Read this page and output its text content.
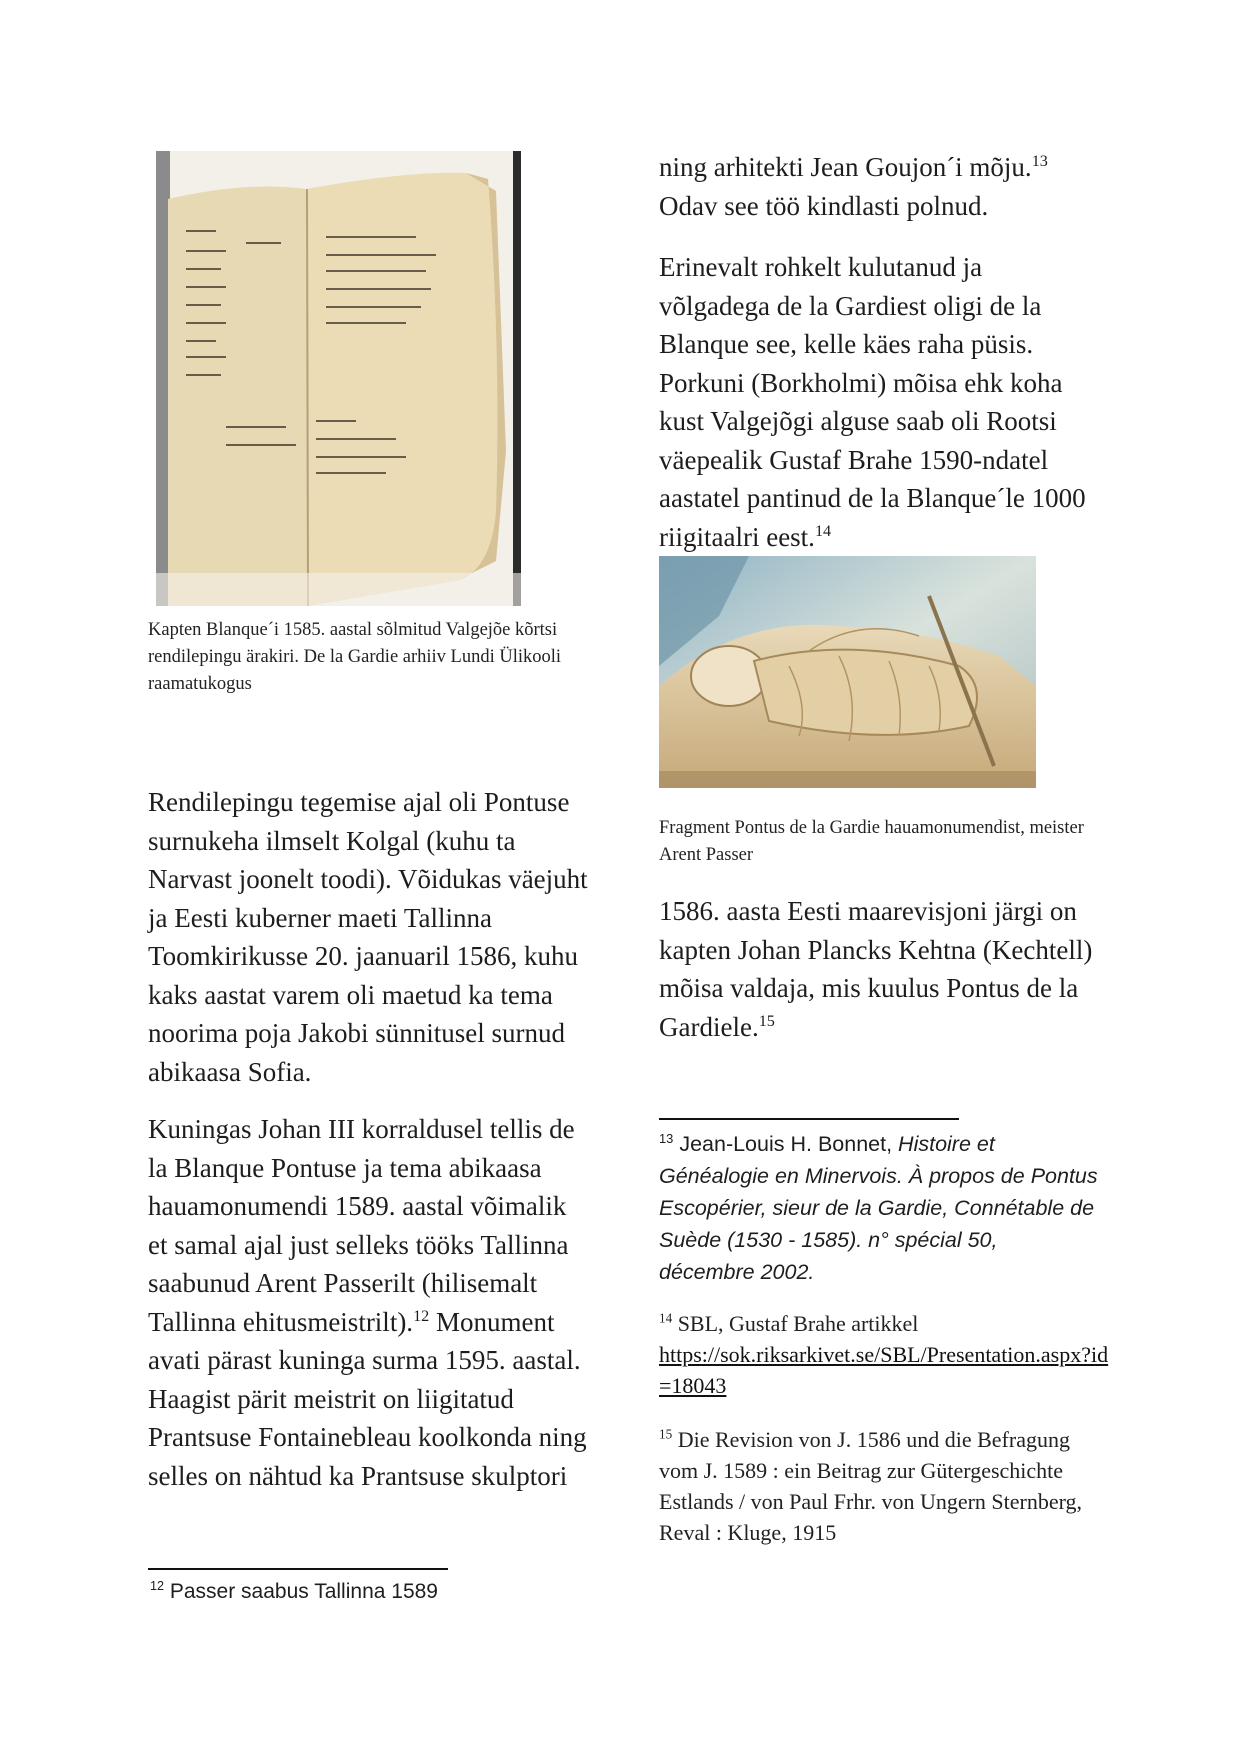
Kapten Blanque´i 1585. aastal sõlmitud Valgejõe kõrtsi rendilepingu ärakiri. De la Gardie arhiiv Lundi Ülikooli raamatukogus

Rendilepingu tegemise ajal oli Pontuse surnukeha ilmselt Kolgal (kuhu ta Narvast joonelt toodi). Võidukas väejuht ja Eesti kuberner maeti Tallinna Toomkirikusse 20. jaanuaril 1586, kuhu kaks aastat varem oli maetud ka tema noorima poja Jakobi sünnitusel surnud abikaasa Sofia.

Kuningas Johan III korraldusel tellis de la Blanque Pontuse ja tema abikaasa hauamonumendi 1589. aastal võimalik et samal ajal just selleks tööks Tallinna saabunud Arent Passerilt (hilisemalt Tallinna ehitusmeistrilt).$^{12}$ Monument avati pärast kuninga surma 1595. aastal. Haagist pärit meistrit on liigitatud Prantsuse Fontainebleau koolkonda ning selles on nähtud ka Prantsuse skulptori

$^{12}$ Passer saabus Tallinna 1589
ning arhitekti Jean Goujon´i mõju.$^{13}$
Odav see töö kindlasti polnud.

Erinevalt rohkelt kulutanud ja võlgadega de la Gardiest oligi de la Blanque see, kelle käes raha püsis. Porkuni (Borkholmi) mõisa ehk koha kust Valgejõgi alguse saab oli Rootsi väepealik Gustaf Brahe 1590-ndatel aastatel pantinud de la Blanque´le 1000 riigitaalri eest.$^{14}$

Fragment Pontus de la Gardie hauamonumendist, meister Arent Passer

1586. aasta Eesti maarevisjoni järgi on kapten Johan Plancks Kehtna (Kechtell) mõisa valdaja, mis kuulus Pontus de la Gardiele.$^{15}$

$^{13}$ Jean-Louis H. Bonnet, Histoire et Généalogie en Minervois. À propos de Pontus Escopérier, sieur de la Gardie, Connétable de Suède (1530 - 1585). n° spécial 50, décembre 2002.
$^{14}$ SBL, Gustaf Brahe artikkel
https://sok.riksarkivet.se/SBL/Presentation.aspx?id=18043
$^{15}$ Die Revision von J. 1586 und die Befragung vom J. 1589 : ein Beitrag zur Gütergeschichte Estlands / von Paul Frhr. von Ungern Sternberg, Reval : Kluge, 1915
